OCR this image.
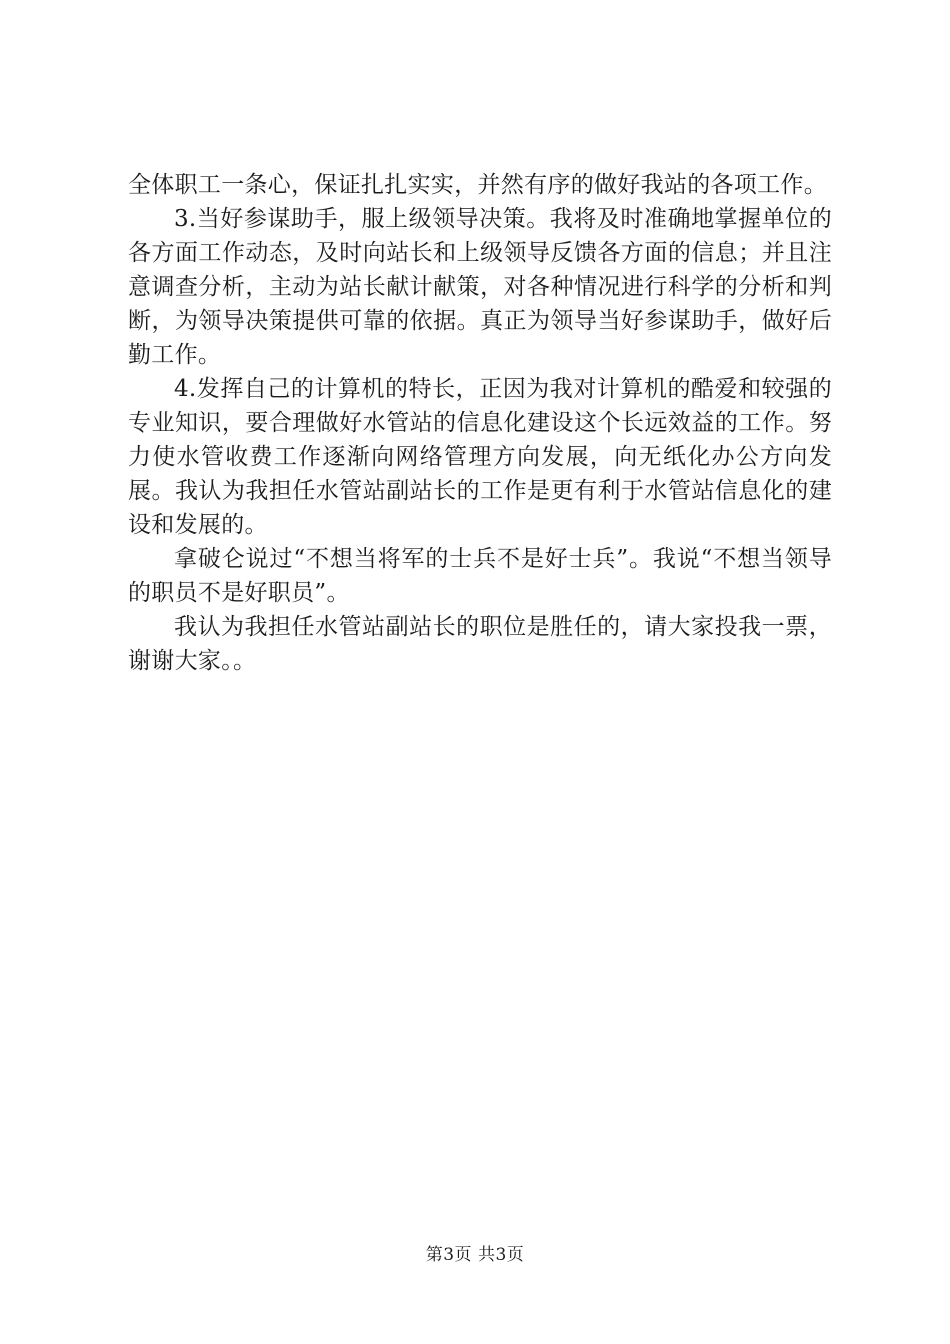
全体职工一条心，保证扎扎实实，并然有序的做好我站的各项工作。

3.当好参谋助手，服上级领导决策。我将及时准确地掌握单位的各方面工作动态，及时向站长和上级领导反馈各方面的信息；并且注意调查分析，主动为站长献计献策，对各种情况进行科学的分析和判断，为领导决策提供可靠的依据。真正为领导当好参谋助手，做好后勤工作。

4.发挥自己的计算机的特长，正因为我对计算机的酷爱和较强的专业知识，要合理做好水管站的信息化建设这个长远效益的工作。努力使水管收费工作逐渐向网络管理方向发展，向无纸化办公方向发展。我认为我担任水管站副站长的工作是更有利于水管站信息化的建设和发展的。

拿破仑说过“不想当将军的士兵不是好士兵”。我说“不想当领导的职员不是好职员”。

我认为我担任水管站副站长的职位是胜任的，请大家投我一票，谢谢大家。。

第3页 共3页
